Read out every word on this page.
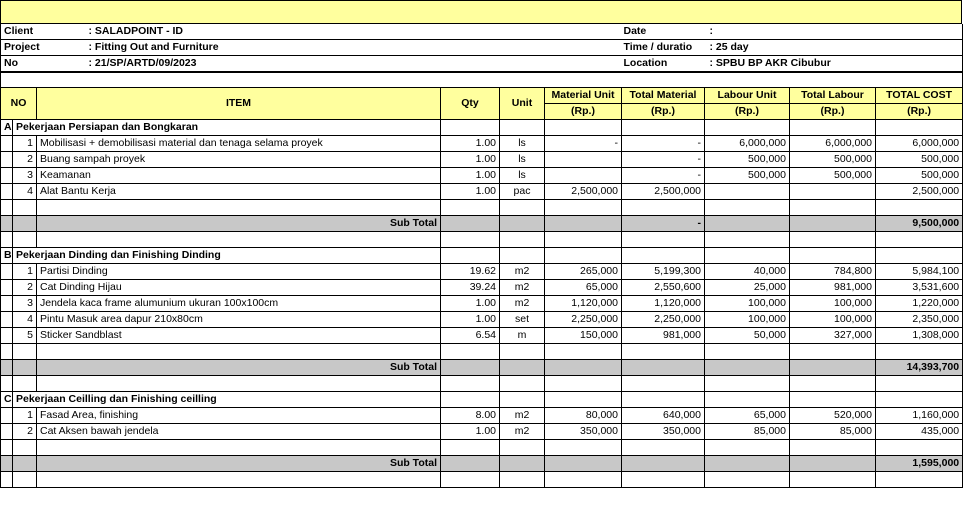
Client	: SALADPOINT - ID	Date	:
Project	: Fitting Out and Furniture	Time / duratio	: 25 day
No	: 21/SP/ARTD/09/2023	Location	: SPBU BP AKR Cibubur

NO		ITEM	Qty	Unit	Material Unit	Total Material	Labour Unit	Total Labour	TOTAL COST
					(Rp.)	(Rp.)	(Rp.)	(Rp.)	(Rp.)
A	Pekerjaan Persiapan dan Bongkaran								
	1	Mobilisasi + demobilisasi material dan tenaga selama proyek	1.00	ls	-	-	6,000,000	6,000,000	6,000,000
	2	Buang sampah proyek	1.00	ls		-	500,000	500,000	500,000
	3	Keamanan	1.00	ls		-	500,000	500,000	500,000
	4	Alat Bantu Kerja	1.00	pac	2,500,000	2,500,000			2,500,000

		Sub Total				-			9,500,000

B	Pekerjaan Dinding dan Finishing Dinding								
	1	Partisi Dinding	19.62	m2	265,000	5,199,300	40,000	784,800	5,984,100
	2	Cat Dinding Hijau	39.24	m2	65,000	2,550,600	25,000	981,000	3,531,600
	3	Jendela kaca frame alumunium ukuran 100x100cm	1.00	m2	1,120,000	1,120,000	100,000	100,000	1,220,000
	4	Pintu Masuk area dapur 210x80cm	1.00	set	2,250,000	2,250,000	100,000	100,000	2,350,000
	5	Sticker Sandblast	6.54	m	150,000	981,000	50,000	327,000	1,308,000

		Sub Total							14,393,700

C	Pekerjaan Ceilling dan Finishing ceilling								
	1	Fasad Area, finishing	8.00	m2	80,000	640,000	65,000	520,000	1,160,000
	2	Cat Aksen bawah jendela	1.00	m2	350,000	350,000	85,000	85,000	435,000

		Sub Total							1,595,000
